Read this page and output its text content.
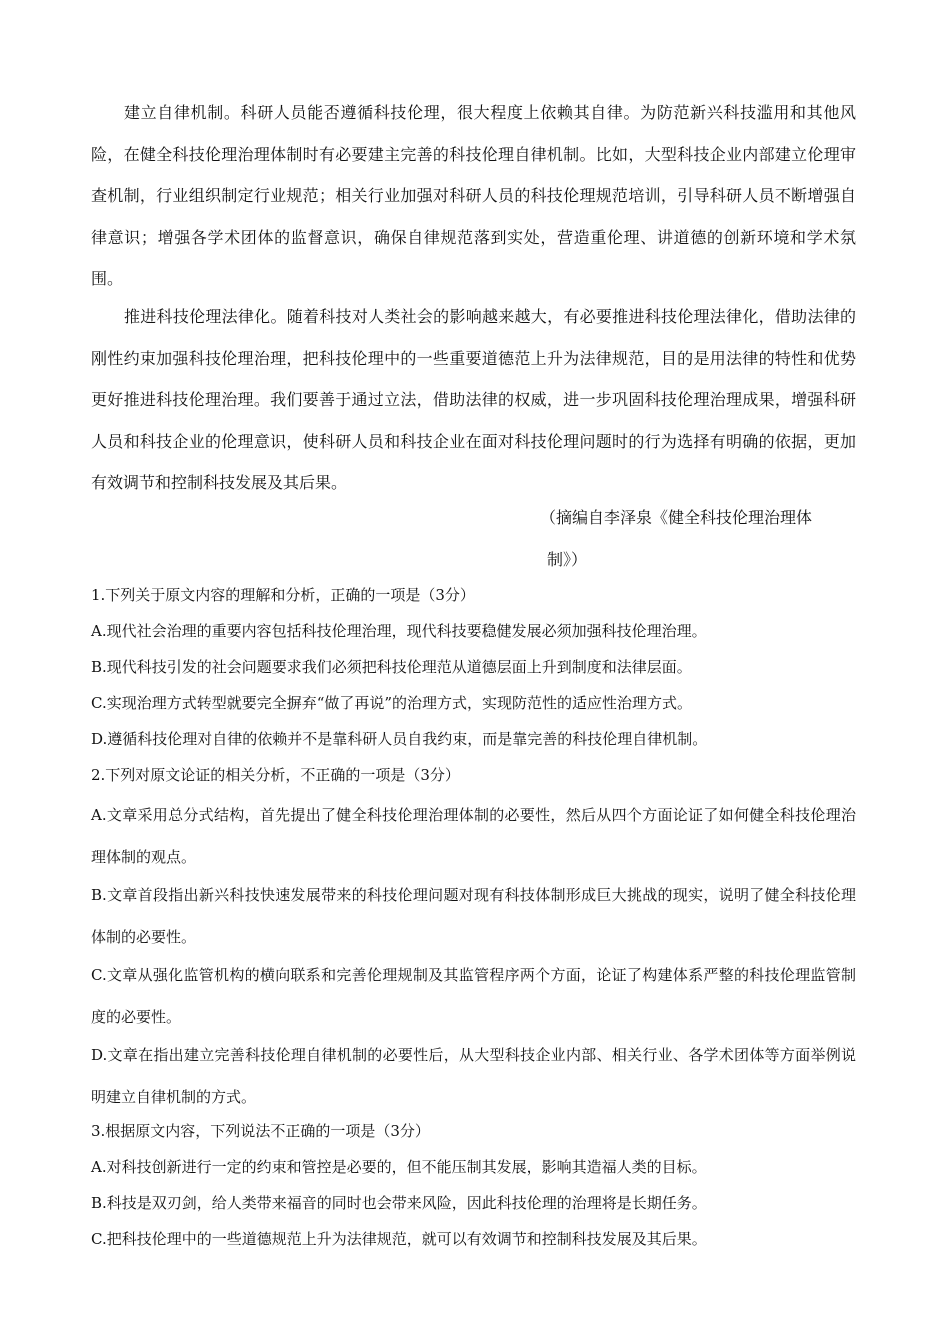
建立自律机制。科研人员能否遵循科技伦理，很大程度上依赖其自律。为防范新兴科技滥用和其他风险，在健全科技伦理治理体制时有必要建主完善的科技伦理自律机制。比如，大型科技企业内部建立伦理审查机制，行业组织制定行业规范；相关行业加强对科研人员的科技伦理规范培训，引导科研人员不断增强自律意识；增强各学术团体的监督意识，确保自律规范落到实处，营造重伦理、讲道德的创新环境和学术氛围。

推进科技伦理法律化。随着科技对人类社会的影响越来越大，有必要推进科技伦理法律化，借助法律的刚性约束加强科技伦理治理，把科技伦理中的一些重要道德范上升为法律规范，目的是用法律的特性和优势更好推进科技伦理治理。我们要善于通过立法，借助法律的权威，进一步巩固科技伦理治理成果，增强科研人员和科技企业的伦理意识，使科研人员和科技企业在面对科技伦理问题时的行为选择有明确的依据，更加有效调节和控制科技发展及其后果。

（摘编自李泽泉《健全科技伦理治理体
制》）

1.下列关于原文内容的理解和分析，正确的一项是（3分）

A.现代社会治理的重要内容包括科技伦理治理，现代科技要稳健发展必须加强科技伦理治理。

B.现代科技引发的社会问题要求我们必须把科技伦理范从道德层面上升到制度和法律层面。

C.实现治理方式转型就要完全摒弃“做了再说”的治理方式，实现防范性的适应性治理方式。

D.遵循科技伦理对自律的依赖并不是靠科研人员自我约束，而是靠完善的科技伦理自律机制。

2.下列对原文论证的相关分析，不正确的一项是（3分）

A.文章采用总分式结构，首先提出了健全科技伦理治理体制的必要性，然后从四个方面论证了如何健全科技伦理治理体制的观点。

B.文章首段指出新兴科技快速发展带来的科技伦理问题对现有科技体制形成巨大挑战的现实，说明了健全科技伦理体制的必要性。

C.文章从强化监管机构的横向联系和完善伦理规制及其监管程序两个方面，论证了构建体系严整的科技伦理监管制度的必要性。

D.文章在指出建立完善科技伦理自律机制的必要性后，从大型科技企业内部、相关行业、各学术团体等方面举例说明建立自律机制的方式。

3.根据原文内容，下列说法不正确的一项是（3分）

A.对科技创新进行一定的约束和管控是必要的，但不能压制其发展，影响其造福人类的目标。

B.科技是双刃剑，给人类带来福音的同时也会带来风险，因此科技伦理的治理将是长期任务。

C.把科技伦理中的一些道德规范上升为法律规范，就可以有效调节和控制科技发展及其后果。
